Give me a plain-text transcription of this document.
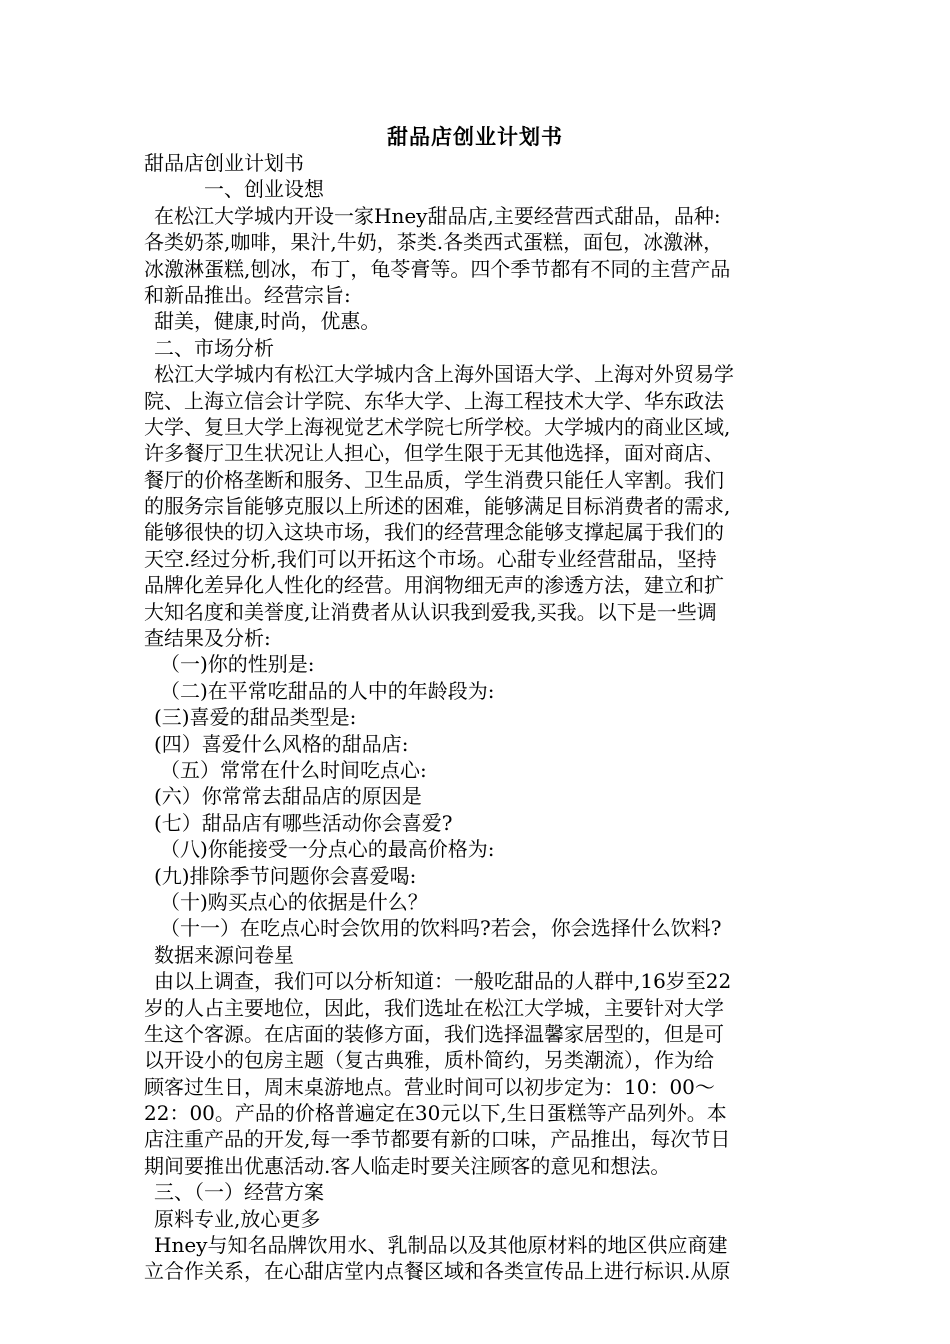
甜品店创业计划书
甜品店创业计划书
一、创业设想
在松江大学城内开设一家Hney甜品店,主要经营西式甜品，品种:
各类奶茶,咖啡，果汁,牛奶，茶类.各类西式蛋糕，面包，冰激淋，
冰激淋蛋糕,刨冰，布丁，龟苓膏等。四个季节都有不同的主营产品
和新品推出。经营宗旨:
甜美，健康,时尚，优惠。
二、市场分析
松江大学城内有松江大学城内含上海外国语大学、上海对外贸易学
院、上海立信会计学院、东华大学、上海工程技术大学、华东政法
大学、复旦大学上海视觉艺术学院七所学校。大学城内的商业区域,
许多餐厅卫生状况让人担心，但学生限于无其他选择，面对商店、
餐厅的价格垄断和服务、卫生品质，学生消费只能任人宰割。我们
的服务宗旨能够克服以上所述的困难，能够满足目标消费者的需求,
能够很快的切入这块市场，我们的经营理念能够支撑起属于我们的
天空.经过分析,我们可以开拓这个市场。心甜专业经营甜品，坚持
品牌化差异化人性化的经营。用润物细无声的渗透方法，建立和扩
大知名度和美誉度,让消费者从认识我到爱我,买我。以下是一些调
查结果及分析:
（一)你的性别是:
（二)在平常吃甜品的人中的年龄段为:
(三)喜爱的甜品类型是:
(四）喜爱什么风格的甜品店:
（五）常常在什么时间吃点心:
(六）你常常去甜品店的原因是
(七）甜品店有哪些活动你会喜爱?
（八)你能接受一分点心的最高价格为:
(九)排除季节问题你会喜爱喝:
（十)购买点心的依据是什么？
（十一）在吃点心时会饮用的饮料吗?若会，你会选择什么饮料?
数据来源问卷星
由以上调查，我们可以分析知道：一般吃甜品的人群中,16岁至22
岁的人占主要地位，因此，我们选址在松江大学城，主要针对大学
生这个客源。在店面的装修方面，我们选择温馨家居型的，但是可
以开设小的包房主题（复古典雅，质朴简约，另类潮流），作为给
顾客过生日，周末桌游地点。营业时间可以初步定为：10：00～
22：00。产品的价格普遍定在30元以下,生日蛋糕等产品列外。本
店注重产品的开发,每一季节都要有新的口味，产品推出，每次节日
期间要推出优惠活动.客人临走时要关注顾客的意见和想法。
三、（一）经营方案
原料专业,放心更多
Hney与知名品牌饮用水、乳制品以及其他原材料的地区供应商建
立合作关系，在心甜店堂内点餐区域和各类宣传品上进行标识.从原
